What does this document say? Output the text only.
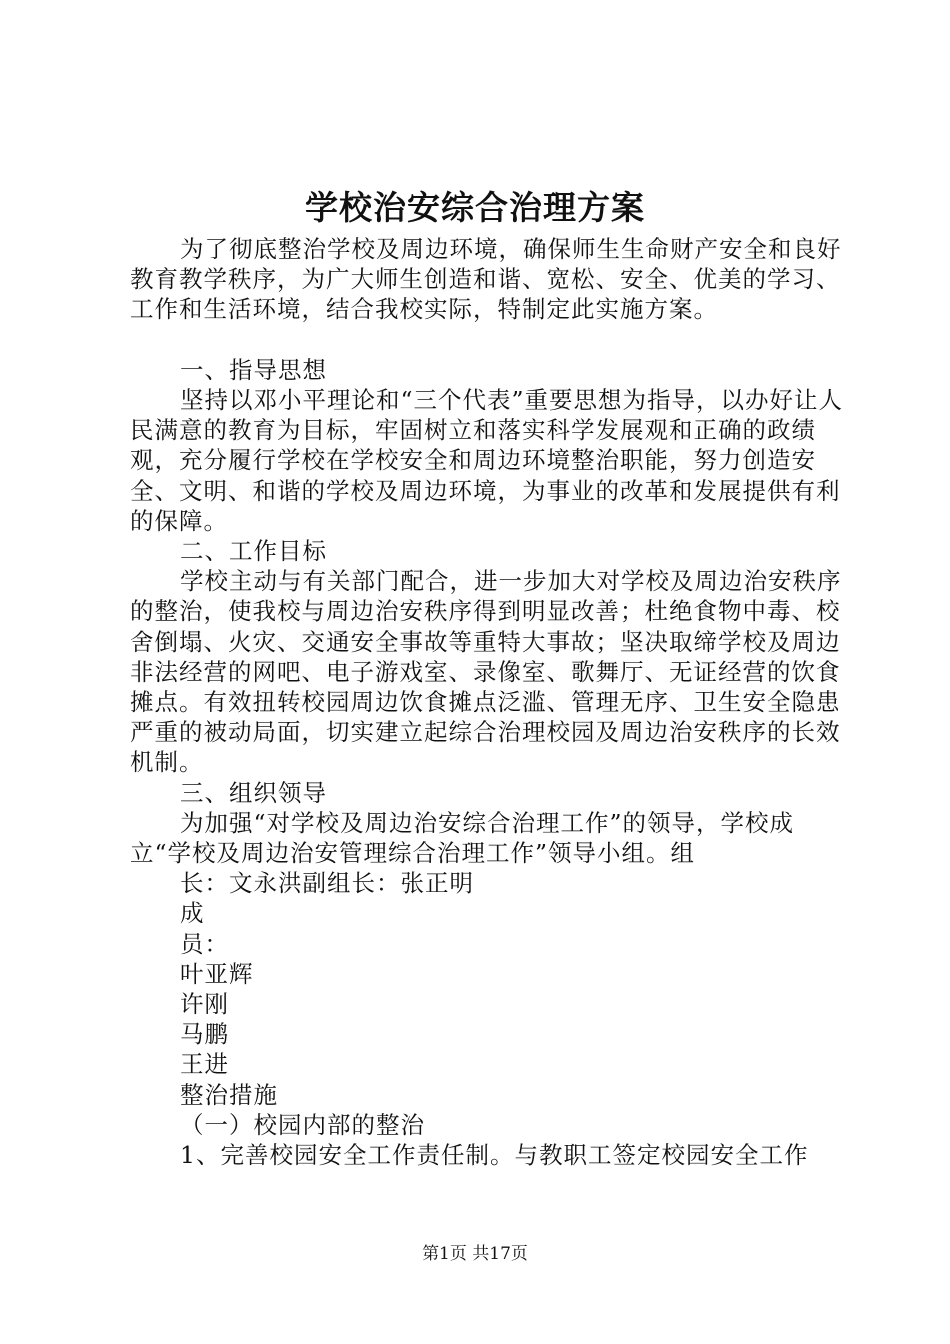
学校治安综合治理方案

为了彻底整治学校及周边环境，确保师生生命财产安全和良好教育教学秩序，为广大师生创造和谐、宽松、安全、优美的学习、工作和生活环境，结合我校实际，特制定此实施方案。

一、指导思想

坚持以邓小平理论和“三个代表”重要思想为指导，以办好让人民满意的教育为目标，牢固树立和落实科学发展观和正确的政绩观，充分履行学校在学校安全和周边环境整治职能，努力创造安全、文明、和谐的学校及周边环境，为事业的改革和发展提供有利的保障。

二、工作目标

学校主动与有关部门配合，进一步加大对学校及周边治安秩序的整治，使我校与周边治安秩序得到明显改善；杜绝食物中毒、校舍倒塌、火灾、交通安全事故等重特大事故；坚决取缔学校及周边非法经营的网吧、电子游戏室、录像室、歌舞厅、无证经营的饮食摊点。有效扭转校园周边饮食摊点泛滥、管理无序、卫生安全隐患严重的被动局面，切实建立起综合治理校园及周边治安秩序的长效机制。

三、组织领导

为加强“对学校及周边治安综合治理工作”的领导，学校成立“学校及周边治安管理综合治理工作”领导小组。组

长：文永洪副组长：张正明

成

员：

叶亚辉

许刚

马鹏

王进

整治措施

（一）校园内部的整治

1、完善校园安全工作责任制。与教职工签定校园安全工作

第1页 共17页
